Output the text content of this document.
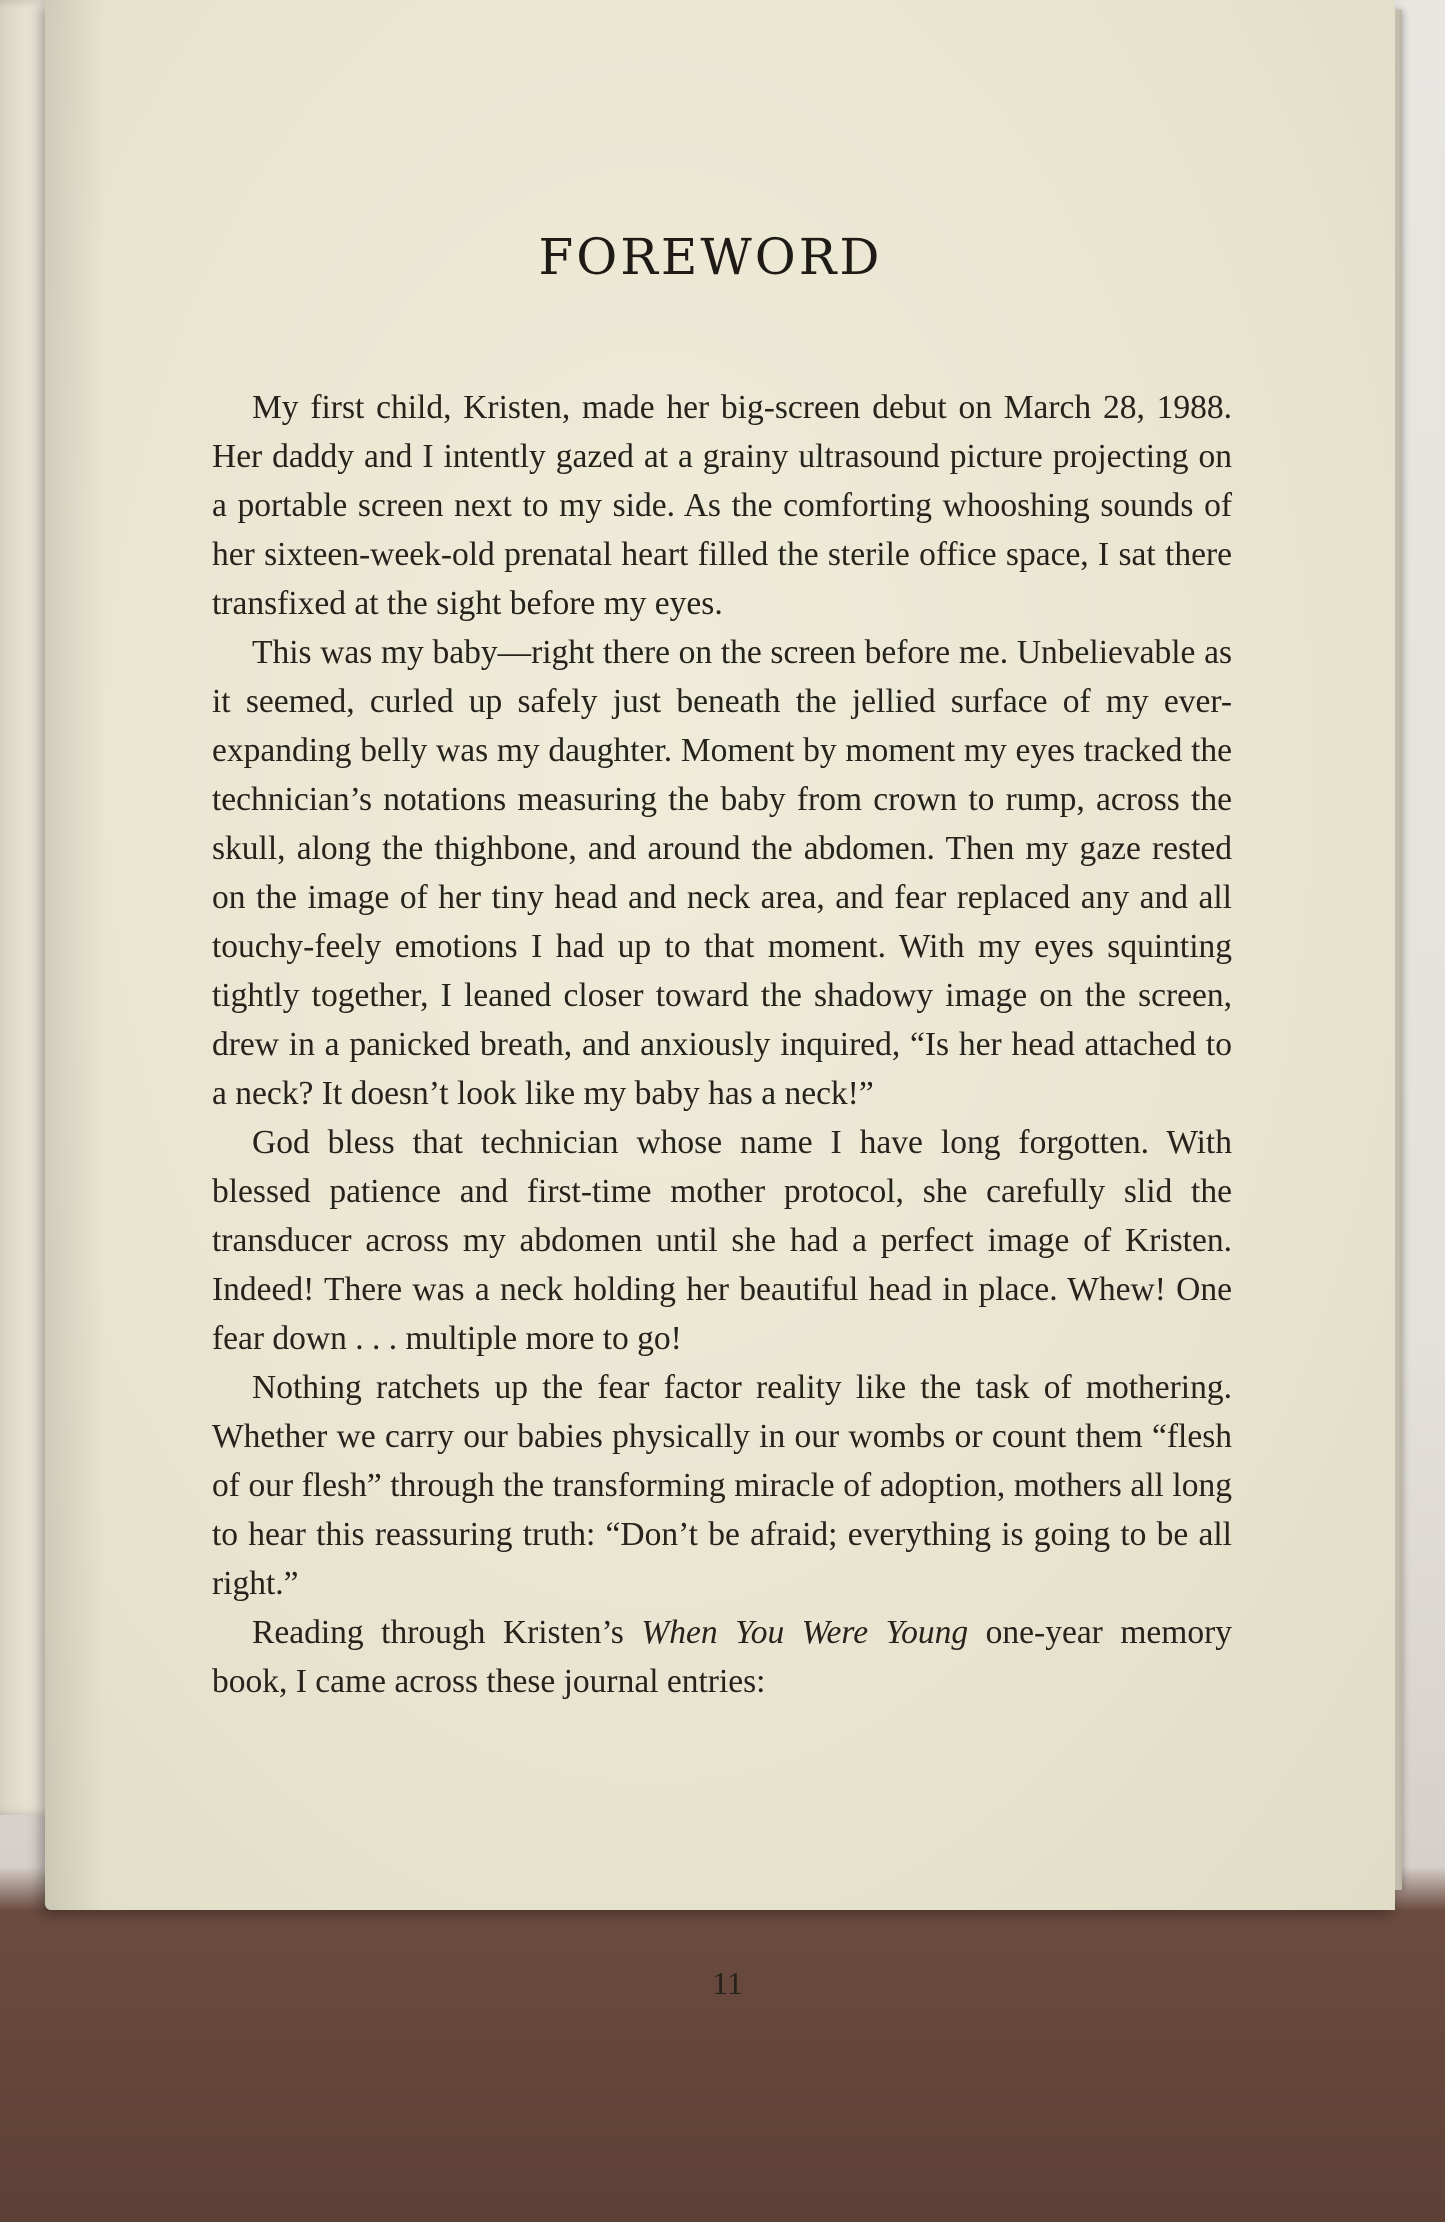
FOREWORD

My first child, Kristen, made her big-screen debut on March 28, 1988. Her daddy and I intently gazed at a grainy ultrasound picture projecting on a portable screen next to my side. As the comforting whooshing sounds of her sixteen-week-old prenatal heart filled the sterile office space, I sat there transfixed at the sight before my eyes.

This was my baby—right there on the screen before me. Unbelievable as it seemed, curled up safely just beneath the jellied surface of my ever-expanding belly was my daughter. Moment by moment my eyes tracked the technician’s notations measuring the baby from crown to rump, across the skull, along the thighbone, and around the abdomen. Then my gaze rested on the image of her tiny head and neck area, and fear replaced any and all touchy-feely emotions I had up to that moment. With my eyes squinting tightly together, I leaned closer toward the shadowy image on the screen, drew in a panicked breath, and anxiously inquired, “Is her head attached to a neck? It doesn’t look like my baby has a neck!”

God bless that technician whose name I have long forgotten. With blessed patience and first-time mother protocol, she carefully slid the transducer across my abdomen until she had a perfect image of Kristen. Indeed! There was a neck holding her beautiful head in place. Whew! One fear down . . . multiple more to go!

Nothing ratchets up the fear factor reality like the task of mothering. Whether we carry our babies physically in our wombs or count them “flesh of our flesh” through the transforming miracle of adoption, mothers all long to hear this reassuring truth: “Don’t be afraid; everything is going to be all right.”

Reading through Kristen’s When You Were Young one-year memory book, I came across these journal entries:

11
